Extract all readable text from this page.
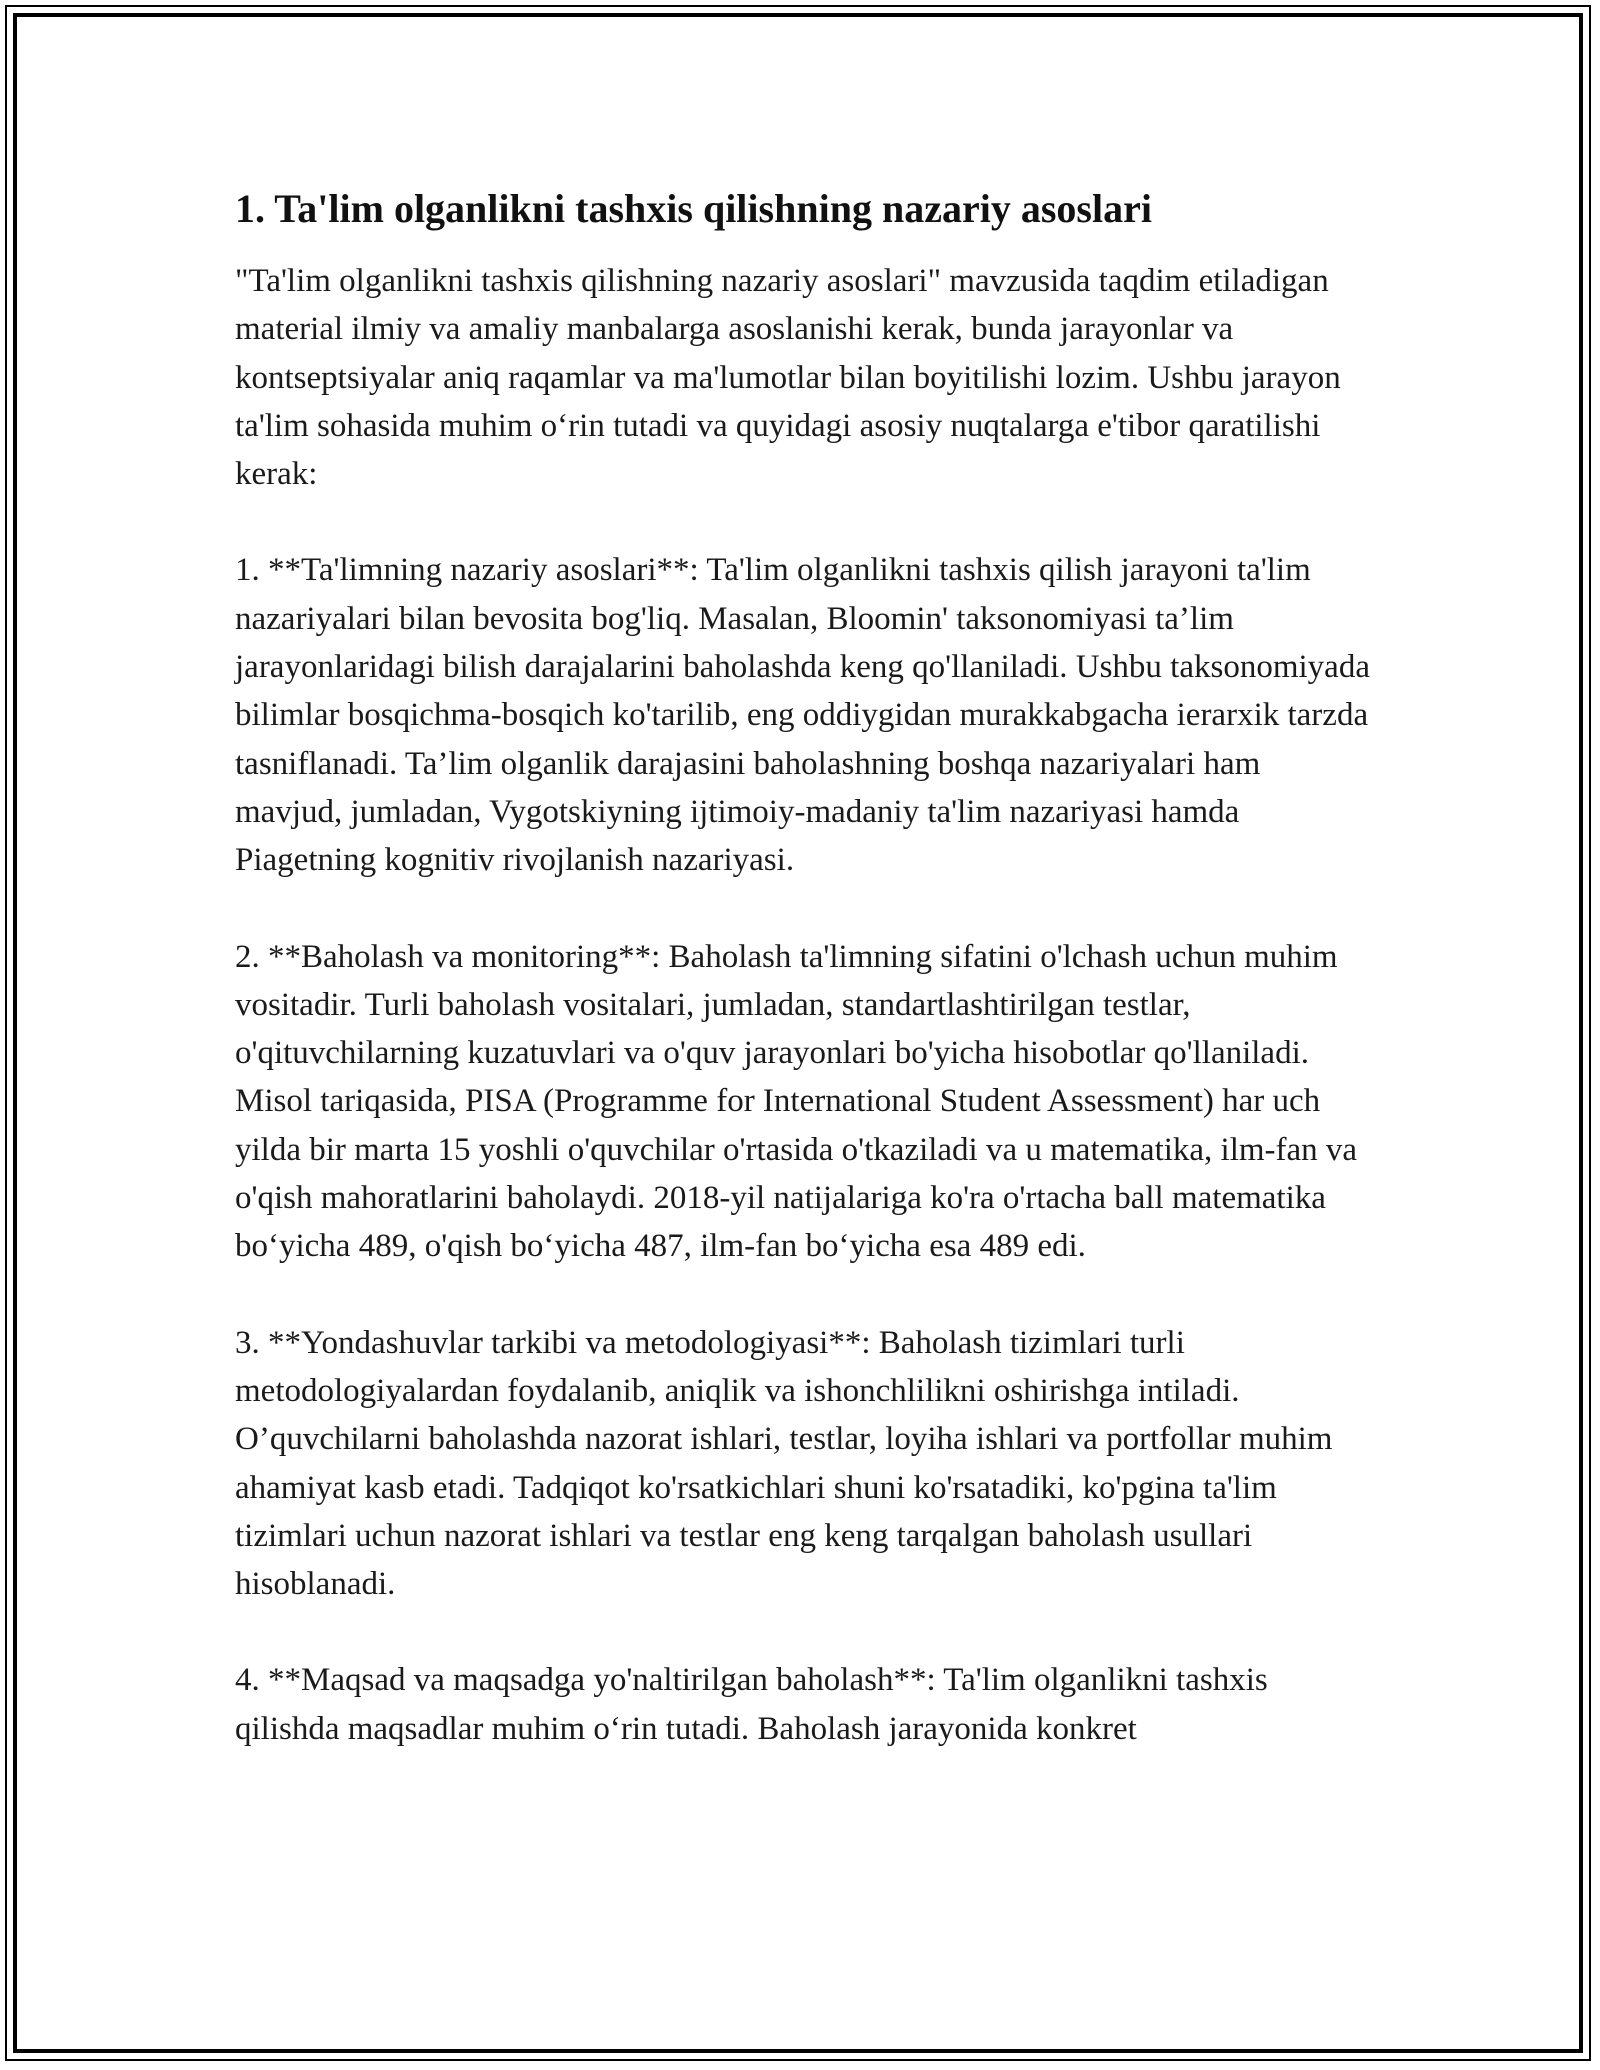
1. Ta'lim olganlikni tashxis qilishning nazariy asoslari

"Ta'lim olganlikni tashxis qilishning nazariy asoslari" mavzusida taqdim etiladigan material ilmiy va amaliy manbalarga asoslanishi kerak, bunda jarayonlar va kontseptsiyalar aniq raqamlar va ma'lumotlar bilan boyitilishi lozim. Ushbu jarayon ta'lim sohasida muhim o‘rin tutadi va quyidagi asosiy nuqtalarga e'tibor qaratilishi kerak:

1. **Ta'limning nazariy asoslari**: Ta'lim olganlikni tashxis qilish jarayoni ta'lim nazariyalari bilan bevosita bog'liq. Masalan, Bloomin' taksonomiyasi ta’lim jarayonlaridagi bilish darajalarini baholashda keng qo'llaniladi. Ushbu taksonomiyada bilimlar bosqichma-bosqich ko'tarilib, eng oddiygidan murakkabgacha ierarxik tarzda tasniflanadi. Ta’lim olganlik darajasini baholashning boshqa nazariyalari ham mavjud, jumladan, Vygotskiyning ijtimoiy-madaniy ta'lim nazariyasi hamda Piagetning kognitiv rivojlanish nazariyasi.

2. **Baholash va monitoring**: Baholash ta'limning sifatini o'lchash uchun muhim vositadir. Turli baholash vositalari, jumladan, standartlashtirilgan testlar, o'qituvchilarning kuzatuvlari va o'quv jarayonlari bo'yicha hisobotlar qo'llaniladi. Misol tariqasida, PISA (Programme for International Student Assessment) har uch yilda bir marta 15 yoshli o'quvchilar o'rtasida o'tkaziladi va u matematika, ilm-fan va o'qish mahoratlarini baholaydi. 2018-yil natijalariga ko'ra o'rtacha ball matematika bo‘yicha 489, o'qish bo‘yicha 487, ilm-fan bo‘yicha esa 489 edi.

3. **Yondashuvlar tarkibi va metodologiyasi**: Baholash tizimlari turli metodologiyalardan foydalanib, aniqlik va ishonchlilikni oshirishga intiladi. O’quvchilarni baholashda nazorat ishlari, testlar, loyiha ishlari va portfollar muhim ahamiyat kasb etadi. Tadqiqot ko'rsatkichlari shuni ko'rsatadiki, ko'pgina ta'lim tizimlari uchun nazorat ishlari va testlar eng keng tarqalgan baholash usullari hisoblanadi.

4. **Maqsad va maqsadga yo'naltirilgan baholash**: Ta'lim olganlikni tashxis qilishda maqsadlar muhim o‘rin tutadi. Baholash jarayonida konkret
